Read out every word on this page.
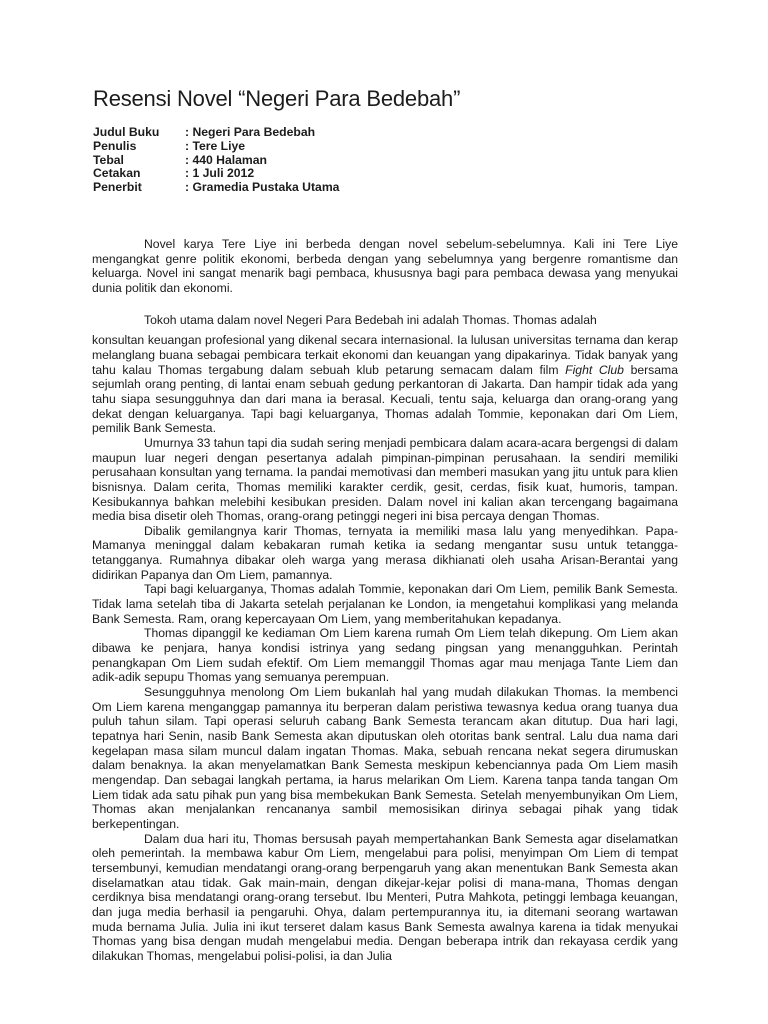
Resensi Novel “Negeri Para Bedebah”
Judul Buku	: Negeri Para Bedebah
Penulis	: Tere Liye
Tebal	: 440 Halaman
Cetakan	: 1 Juli 2012
Penerbit	: Gramedia Pustaka Utama

Novel karya Tere Liye ini berbeda dengan novel sebelum-sebelumnya. Kali ini Tere Liye mengangkat genre politik ekonomi, berbeda dengan yang sebelumnya yang bergenre romantisme dan keluarga. Novel ini sangat menarik bagi pembaca, khususnya bagi para pembaca dewasa yang menyukai dunia politik dan ekonomi.

Tokoh utama dalam novel Negeri Para Bedebah ini adalah Thomas. Thomas adalah

konsultan keuangan profesional yang dikenal secara internasional. Ia lulusan universitas ternama dan kerap melanglang buana sebagai pembicara terkait ekonomi dan keuangan yang dipakarinya. Tidak banyak yang tahu kalau Thomas tergabung dalam sebuah klub petarung semacam dalam film Fight Club bersama sejumlah orang penting, di lantai enam sebuah gedung perkantoran di Jakarta. Dan hampir tidak ada yang tahu siapa sesungguhnya dan dari mana ia berasal. Kecuali, tentu saja, keluarga dan orang-orang yang dekat dengan keluarganya. Tapi bagi keluarganya, Thomas adalah Tommie, keponakan dari Om Liem, pemilik Bank Semesta.

Umurnya 33 tahun tapi dia sudah sering menjadi pembicara dalam acara-acara bergengsi di dalam maupun luar negeri dengan pesertanya adalah pimpinan-pimpinan perusahaan. Ia sendiri memiliki perusahaan konsultan yang ternama. Ia pandai memotivasi dan memberi masukan yang jitu untuk para klien bisnisnya. Dalam cerita, Thomas memiliki karakter cerdik, gesit, cerdas, fisik kuat, humoris, tampan. Kesibukannya bahkan melebihi kesibukan presiden. Dalam novel ini kalian akan tercengang bagaimana media bisa disetir oleh Thomas, orang-orang petinggi negeri ini bisa percaya dengan Thomas.

Dibalik gemilangnya karir Thomas, ternyata ia memiliki masa lalu yang menyedihkan. Papa-Mamanya meninggal dalam kebakaran rumah ketika ia sedang mengantar susu untuk tetangga-tetangganya. Rumahnya dibakar oleh warga yang merasa dikhianati oleh usaha Arisan-Berantai yang didirikan Papanya dan Om Liem, pamannya.

Tapi bagi keluarganya, Thomas adalah Tommie, keponakan dari Om Liem, pemilik Bank Semesta. Tidak lama setelah tiba di Jakarta setelah perjalanan ke London, ia mengetahui komplikasi yang melanda Bank Semesta. Ram, orang kepercayaan Om Liem, yang memberitahukan kepadanya.

Thomas dipanggil ke kediaman Om Liem karena rumah Om Liem telah dikepung. Om Liem akan dibawa ke penjara, hanya kondisi istrinya yang sedang pingsan yang menangguhkan. Perintah penangkapan Om Liem sudah efektif. Om Liem memanggil Thomas agar mau menjaga Tante Liem dan adik-adik sepupu Thomas yang semuanya perempuan.

Sesungguhnya menolong Om Liem bukanlah hal yang mudah dilakukan Thomas. Ia membenci Om Liem karena menganggap pamannya itu berperan dalam peristiwa tewasnya kedua orang tuanya dua puluh tahun silam. Tapi operasi seluruh cabang Bank Semesta terancam akan ditutup. Dua hari lagi, tepatnya hari Senin, nasib Bank Semesta akan diputuskan oleh otoritas bank sentral. Lalu dua nama dari kegelapan masa silam muncul dalam ingatan Thomas. Maka, sebuah rencana nekat segera dirumuskan dalam benaknya. Ia akan menyelamatkan Bank Semesta meskipun kebenciannya pada Om Liem masih mengendap. Dan sebagai langkah pertama, ia harus melarikan Om Liem. Karena tanpa tanda tangan Om Liem tidak ada satu pihak pun yang bisa membekukan Bank Semesta. Setelah menyembunyikan Om Liem, Thomas akan menjalankan rencananya sambil memosisikan dirinya sebagai pihak yang tidak berkepentingan.

Dalam dua hari itu, Thomas bersusah payah mempertahankan Bank Semesta agar diselamatkan oleh pemerintah. Ia membawa kabur Om Liem, mengelabui para polisi, menyimpan Om Liem di tempat tersembunyi, kemudian mendatangi orang-orang berpengaruh yang akan menentukan Bank Semesta akan diselamatkan atau tidak. Gak main-main, dengan dikejar-kejar polisi di mana-mana, Thomas dengan cerdiknya bisa mendatangi orang-orang tersebut. Ibu Menteri, Putra Mahkota, petinggi lembaga keuangan, dan juga media berhasil ia pengaruhi. Ohya, dalam pertempurannya itu, ia ditemani seorang wartawan muda bernama Julia. Julia ini ikut terseret dalam kasus Bank Semesta awalnya karena ia tidak menyukai Thomas yang bisa dengan mudah mengelabui media. Dengan beberapa intrik dan rekayasa cerdik yang dilakukan Thomas, mengelabui polisi-polisi, ia dan Julia
